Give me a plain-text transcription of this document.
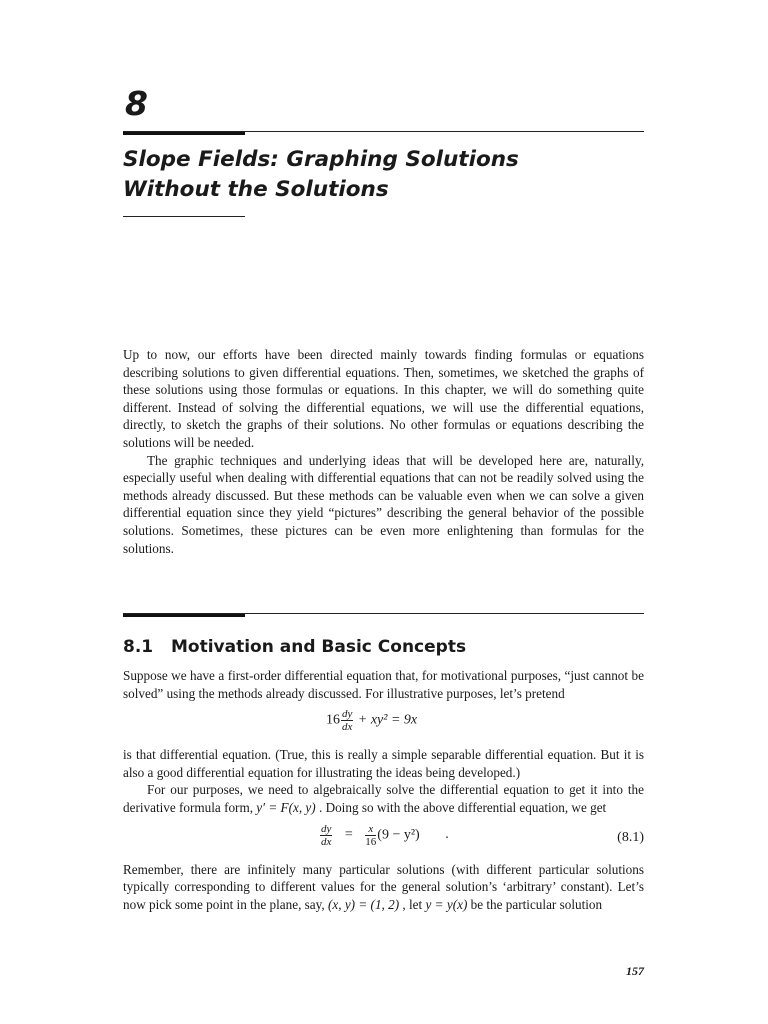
8
Slope Fields: Graphing Solutions
Without the Solutions

Up to now, our efforts have been directed mainly towards finding formulas or equations describing solutions to given differential equations. Then, sometimes, we sketched the graphs of these solutions using those formulas or equations. In this chapter, we will do something quite different. Instead of solving the differential equations, we will use the differential equations, directly, to sketch the graphs of their solutions. No other formulas or equations describing the solutions will be needed.

The graphic techniques and underlying ideas that will be developed here are, naturally, especially useful when dealing with differential equations that can not be readily solved using the methods already discussed. But these methods can be valuable even when we can solve a given differential equation since they yield “pictures” describing the general behavior of the possible solutions. Sometimes, these pictures can be even more enlightening than formulas for the solutions.

8.1 Motivation and Basic Concepts

Suppose we have a first-order differential equation that, for motivational purposes, “just cannot be solved” using the methods already discussed. For illustrative purposes, let’s pretend

$16 \frac{dy}{dx} + xy^2 = 9x$

is that differential equation. (True, this is really a simple separable differential equation. But it is also a good differential equation for illustrating the ideas being developed.)

For our purposes, we need to algebraically solve the differential equation to get it into the derivative formula form, y′ = F(x, y) . Doing so with the above differential equation, we get

$\frac{dy}{dx} = \frac{x}{16} (9 - y^2)$ .	(8.1)

Remember, there are infinitely many particular solutions (with different particular solutions typically corresponding to different values for the general solution’s ‘arbitrary’ constant). Let’s now pick some point in the plane, say, (x, y) = (1, 2) , let y = y(x) be the particular solution

157
